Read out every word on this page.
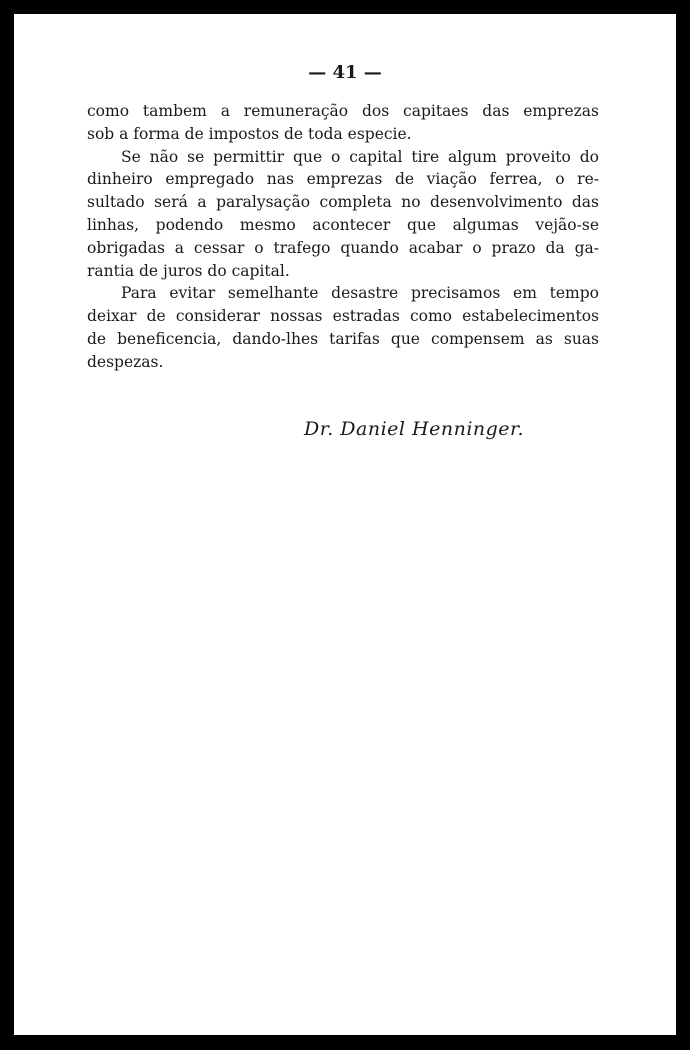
— 41 —
como tambem a remuneração dos capitaes das emprezas
sob a forma de impostos de toda especie.
Se não se permittir que o capital tire algum proveito do
dinheiro empregado nas emprezas de viação ferrea, o re-
sultado será a paralysação completa no desenvolvimento das
linhas, podendo mesmo acontecer que algumas vejão-se
obrigadas a cessar o trafego quando acabar o prazo da ga-
rantia de juros do capital.
Para evitar semelhante desastre precisamos em tempo
deixar de considerar nossas estradas como estabelecimentos
de beneficencia, dando-lhes tarifas que compensem as suas
despezas.
Dr. Daniel Henninger.
